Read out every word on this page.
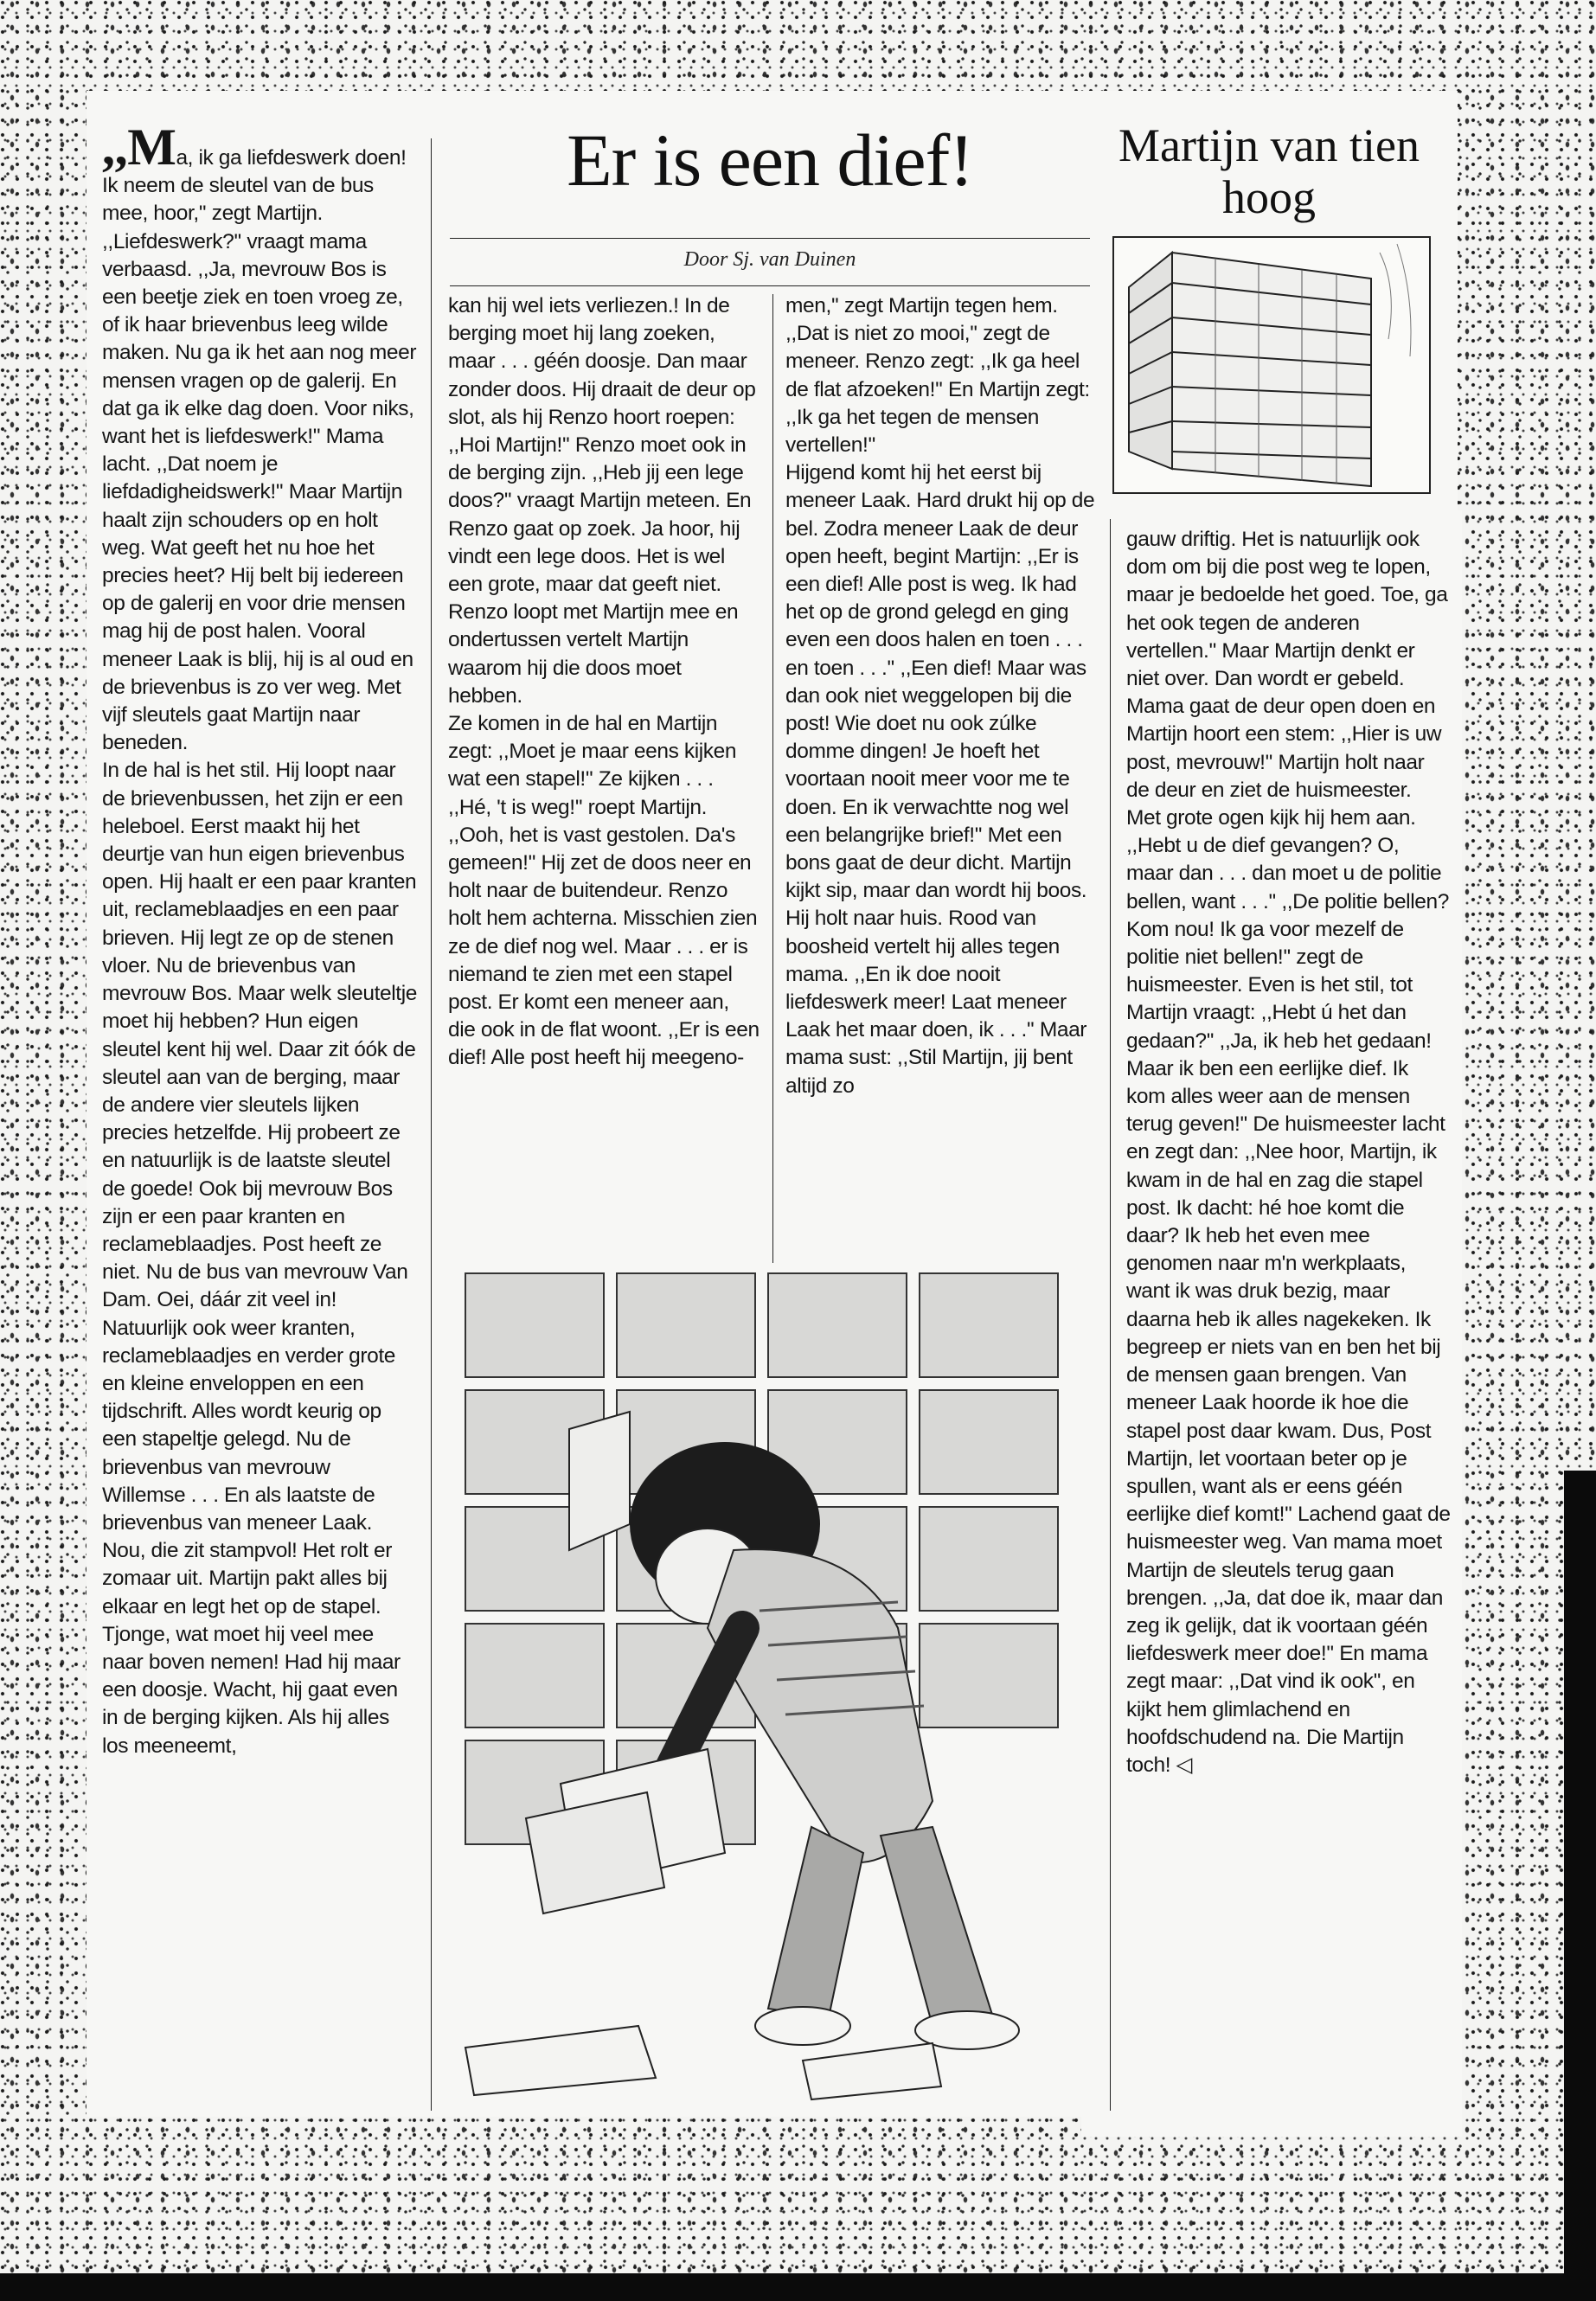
Er is een dief!	Martijn van tien hoog
Door Sj. van Duinen
,,Ma, ik ga liefdeswerk doen! Ik neem de sleutel van de bus mee, hoor,'' zegt Martijn. ,,Liefdeswerk?'' vraagt mama verbaasd. ,,Ja, mevrouw Bos is een beetje ziek en toen vroeg ze, of ik haar brievenbus leeg wilde maken. Nu ga ik het aan nog meer mensen vragen op de galerij. En dat ga ik elke dag doen. Voor niks, want het is liefdeswerk!'' Mama lacht. ,,Dat noem je liefdadigheidswerk!'' Maar Martijn haalt zijn schouders op en holt weg. Wat geeft het nu hoe het precies heet? Hij belt bij iedereen op de galerij en voor drie mensen mag hij de post halen. Vooral meneer Laak is blij, hij is al oud en de brievenbus is zo ver weg. Met vijf sleutels gaat Martijn naar beneden.
In de hal is het stil. Hij loopt naar de brievenbussen, het zijn er een heleboel. Eerst maakt hij het deurtje van hun eigen brievenbus open. Hij haalt er een paar kranten uit, reclameblaadjes en een paar brieven. Hij legt ze op de stenen vloer. Nu de brievenbus van mevrouw Bos. Maar welk sleuteltje moet hij hebben? Hun eigen sleutel kent hij wel. Daar zit óók de sleutel aan van de berging, maar de andere vier sleutels lijken precies hetzelfde. Hij probeert ze en natuurlijk is de laatste sleutel de goede! Ook bij mevrouw Bos zijn er een paar kranten en reclameblaadjes. Post heeft ze niet. Nu de bus van mevrouw Van Dam. Oei, dáár zit veel in! Natuurlijk ook weer kranten, reclameblaadjes en verder grote en kleine enveloppen en een tijdschrift. Alles wordt keurig op een stapeltje gelegd. Nu de brievenbus van mevrouw Willemse . . . En als laatste de brievenbus van meneer Laak. Nou, die zit stampvol! Het rolt er zomaar uit. Martijn pakt alles bij elkaar en legt het op de stapel. Tjonge, wat moet hij veel mee naar boven nemen! Had hij maar een doosje. Wacht, hij gaat even in de berging kijken. Als hij alles los meeneemt,
kan hij wel iets verliezen.! In de berging moet hij lang zoeken, maar . . . géén doosje. Dan maar zonder doos. Hij draait de deur op slot, als hij Renzo hoort roepen: ,,Hoi Martijn!'' Renzo moet ook in de berging zijn. ,,Heb jij een lege doos?'' vraagt Martijn meteen. En Renzo gaat op zoek. Ja hoor, hij vindt een lege doos. Het is wel een grote, maar dat geeft niet. Renzo loopt met Martijn mee en ondertussen vertelt Martijn waarom hij die doos moet hebben.
Ze komen in de hal en Martijn zegt: ,,Moet je maar eens kijken wat een stapel!'' Ze kijken . . . ,,Hé, 't is weg!'' roept Martijn. ,,Ooh, het is vast gestolen. Da's gemeen!'' Hij zet de doos neer en holt naar de buitendeur. Renzo holt hem achterna. Misschien zien ze de dief nog wel. Maar . . . er is niemand te zien met een stapel post. Er komt een meneer aan, die ook in de flat woont. ,,Er is een dief! Alle post heeft hij meegeno-
men,'' zegt Martijn tegen hem. ,,Dat is niet zo mooi,'' zegt de meneer. Renzo zegt: ,,Ik ga heel de flat afzoeken!'' En Martijn zegt: ,,Ik ga het tegen de mensen vertellen!''
Hijgend komt hij het eerst bij meneer Laak. Hard drukt hij op de bel. Zodra meneer Laak de deur open heeft, begint Martijn: ,,Er is een dief! Alle post is weg. Ik had het op de grond gelegd en ging even een doos halen en toen . . . en toen . . .'' ,,Een dief! Maar was dan ook niet weggelopen bij die post! Wie doet nu ook zúlke domme dingen! Je hoeft het voortaan nooit meer voor me te doen. En ik verwachtte nog wel een belangrijke brief!'' Met een bons gaat de deur dicht. Martijn kijkt sip, maar dan wordt hij boos.
Hij holt naar huis. Rood van boosheid vertelt hij alles tegen mama. ,,En ik doe nooit liefdeswerk meer! Laat meneer Laak het maar doen, ik . . .'' Maar mama sust: ,,Stil Martijn, jij bent altijd zo
gauw driftig. Het is natuurlijk ook dom om bij die post weg te lopen, maar je bedoelde het goed. Toe, ga het ook tegen de anderen vertellen.'' Maar Martijn denkt er niet over. Dan wordt er gebeld. Mama gaat de deur open doen en Martijn hoort een stem: ,,Hier is uw post, mevrouw!'' Martijn holt naar de deur en ziet de huismeester.
Met grote ogen kijk hij hem aan. ,,Hebt u de dief gevangen? O, maar dan . . . dan moet u de politie bellen, want . . .'' ,,De politie bellen? Kom nou! Ik ga voor mezelf de politie niet bellen!'' zegt de huismeester. Even is het stil, tot Martijn vraagt: ,,Hebt ú het dan gedaan?'' ,,Ja, ik heb het gedaan! Maar ik ben een eerlijke dief. Ik kom alles weer aan de mensen terug geven!'' De huismeester lacht en zegt dan: ,,Nee hoor, Martijn, ik kwam in de hal en zag die stapel post. Ik dacht: hé hoe komt die daar? Ik heb het even mee genomen naar m'n werkplaats, want ik was druk bezig, maar daarna heb ik alles nagekeken. Ik begreep er niets van en ben het bij de mensen gaan brengen. Van meneer Laak hoorde ik hoe die stapel post daar kwam. Dus, Post Martijn, let voortaan beter op je spullen, want als er eens géén eerlijke dief komt!'' Lachend gaat de huismeester weg. Van mama moet Martijn de sleutels terug gaan brengen. ,,Ja, dat doe ik, maar dan zeg ik gelijk, dat ik voortaan géén liefdeswerk meer doe!'' En mama zegt maar: ,,Dat vind ik ook'', en kijkt hem glimlachend en hoofdschudend na. Die Martijn toch! ◁
